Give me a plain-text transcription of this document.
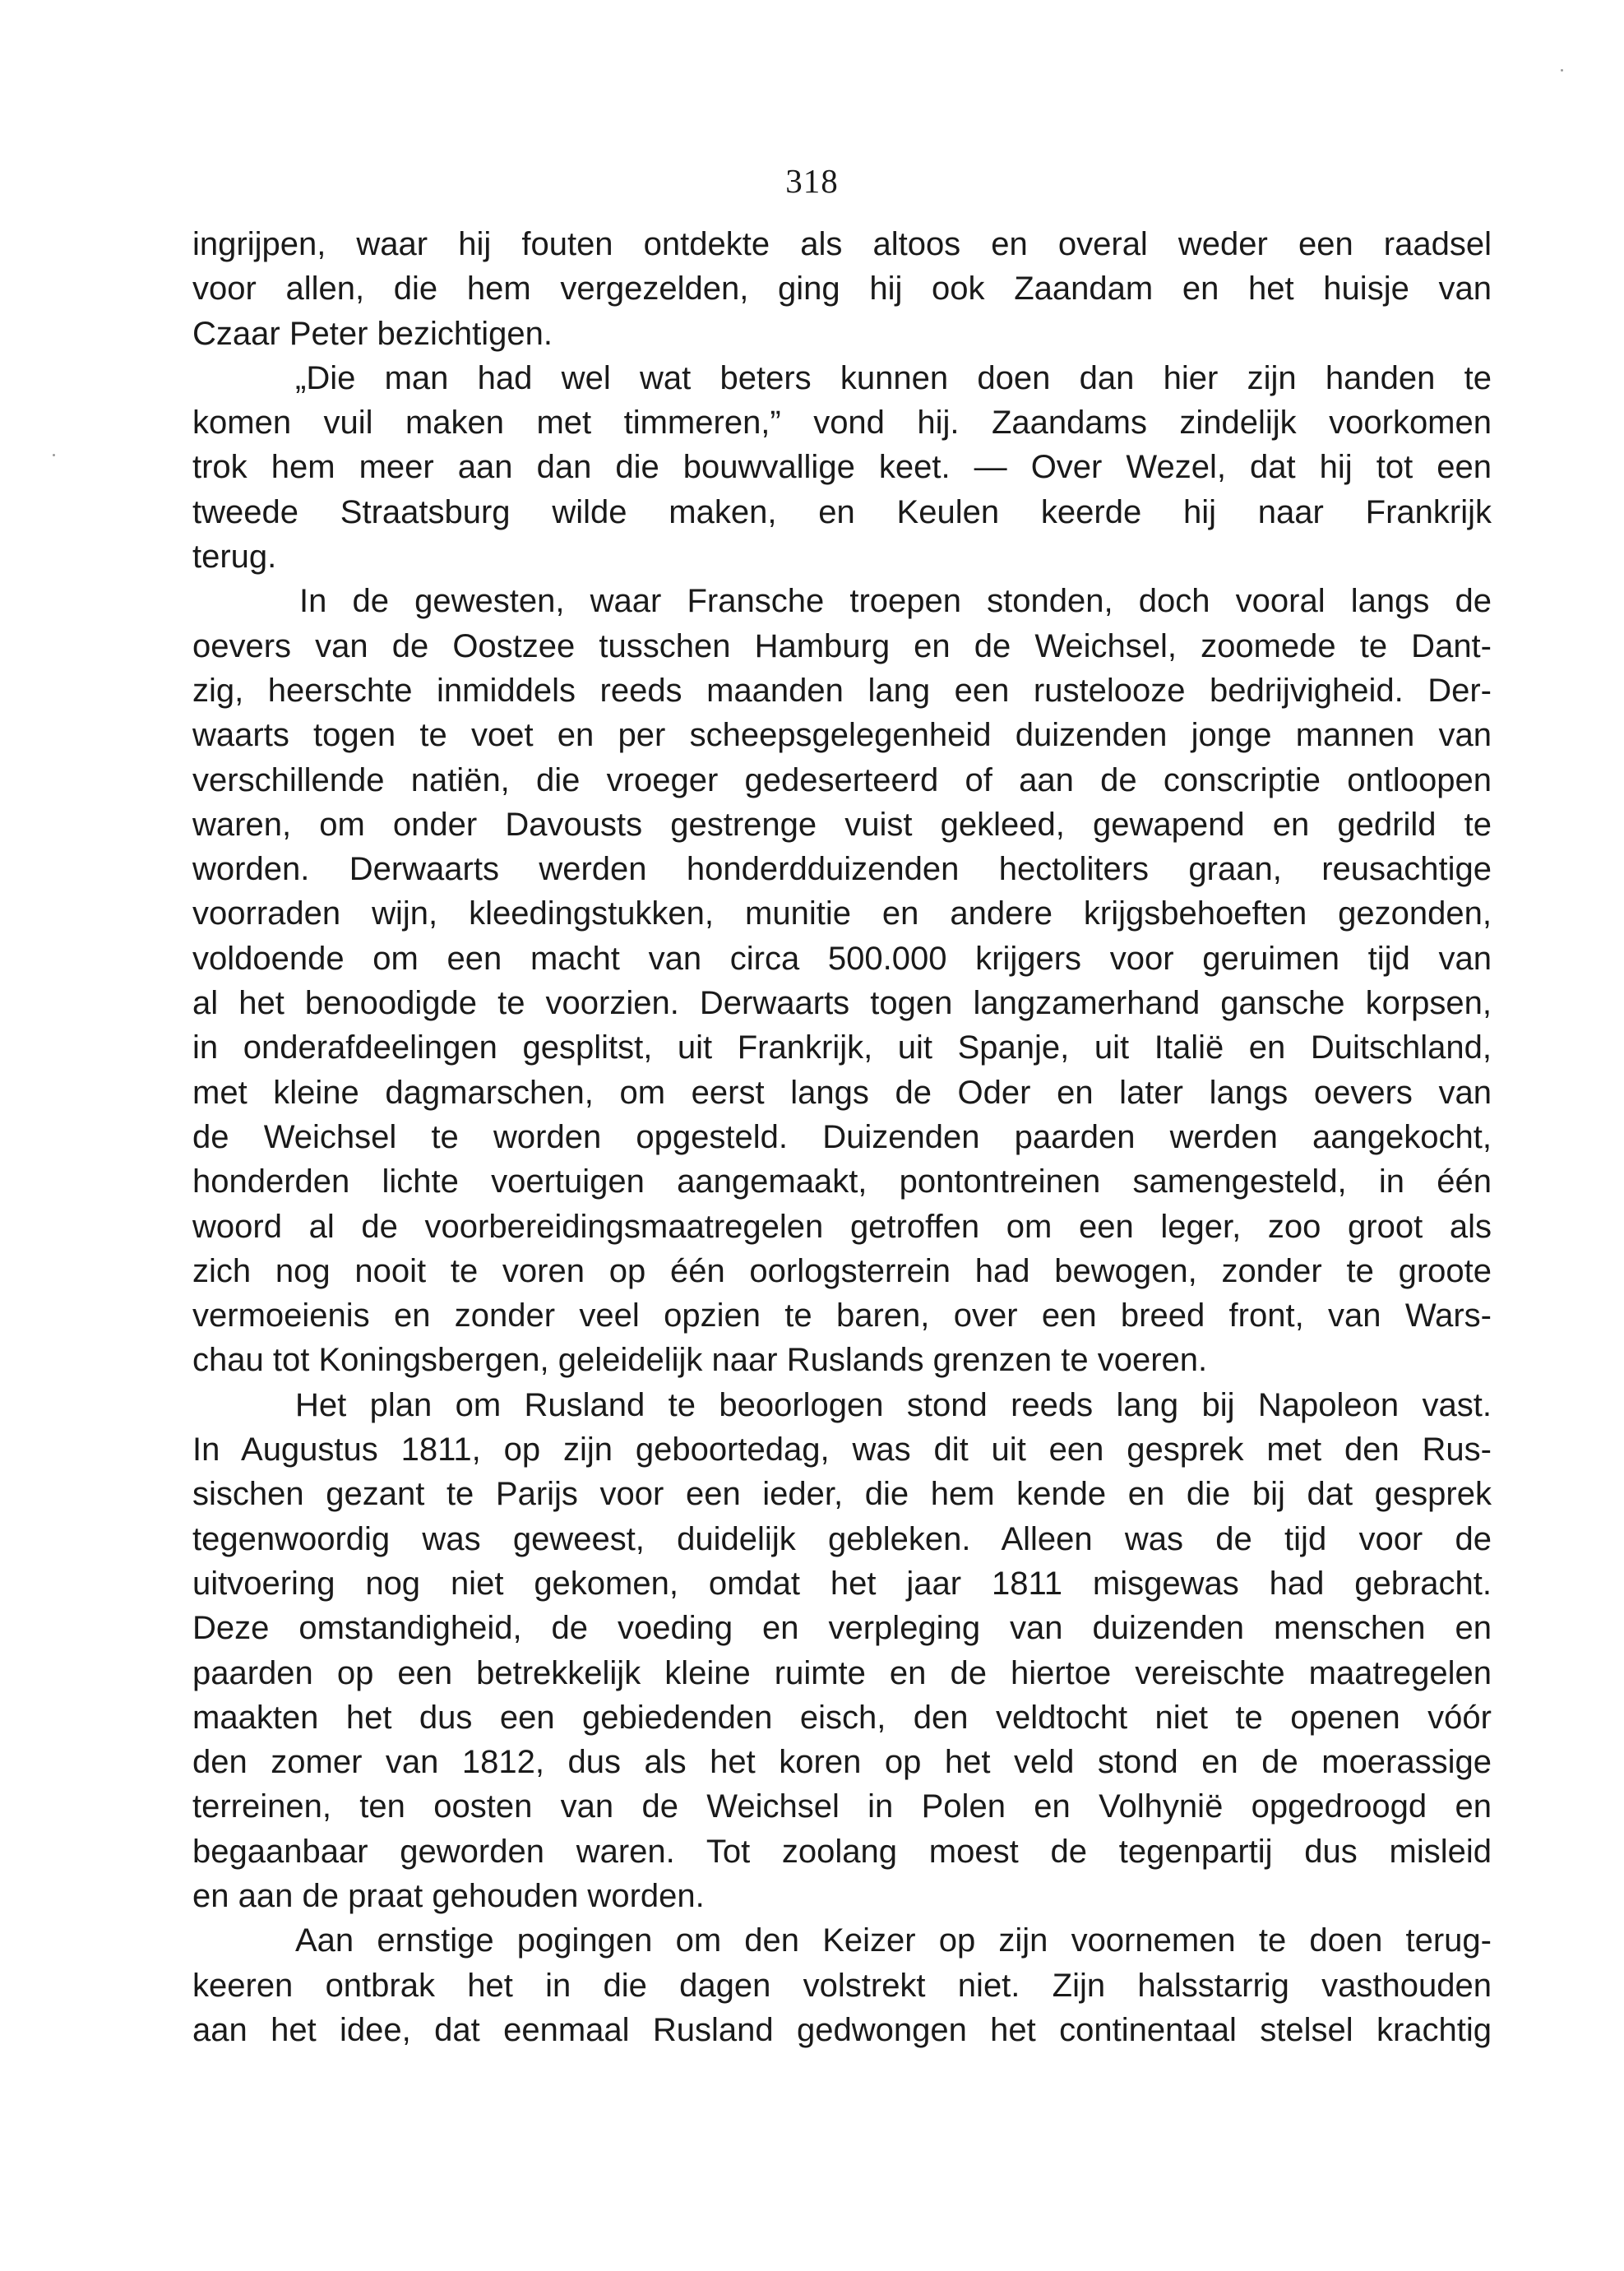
318
ingrijpen, waar hij fouten ontdekte als altoos en overal weder een raadsel
voor allen, die hem vergezelden, ging hij ook Zaandam en het huisje van
Czaar Peter bezichtigen.
„Die man had wel wat beters kunnen doen dan hier zijn handen te
komen vuil maken met timmeren,” vond hij. Zaandams zindelijk voorkomen
trok hem meer aan dan die bouwvallige keet. — Over Wezel, dat hij tot een
tweede Straatsburg wilde maken, en Keulen keerde hij naar Frankrijk
terug.
In de gewesten, waar Fransche troepen stonden, doch vooral langs de
oevers van de Oostzee tusschen Hamburg en de Weichsel, zoomede te Dant-
zig, heerschte inmiddels reeds maanden lang een rustelooze bedrijvigheid. Der-
waarts togen te voet en per scheepsgelegenheid duizenden jonge mannen van
verschillende natiën, die vroeger gedeserteerd of aan de conscriptie ontloopen
waren, om onder Davousts gestrenge vuist gekleed, gewapend en gedrild te
worden. Derwaarts werden honderdduizenden hectoliters graan, reusachtige
voorraden wijn, kleedingstukken, munitie en andere krijgsbehoeften gezonden,
voldoende om een macht van circa 500.000 krijgers voor geruimen tijd van
al het benoodigde te voorzien. Derwaarts togen langzamerhand gansche korpsen,
in onderafdeelingen gesplitst, uit Frankrijk, uit Spanje, uit Italië en Duitschland,
met kleine dagmarschen, om eerst langs de Oder en later langs oevers van
de Weichsel te worden opgesteld. Duizenden paarden werden aangekocht,
honderden lichte voertuigen aangemaakt, pontontreinen samengesteld, in één
woord al de voorbereidingsmaatregelen getroffen om een leger, zoo groot als
zich nog nooit te voren op één oorlogsterrein had bewogen, zonder te groote
vermoeienis en zonder veel opzien te baren, over een breed front, van Wars-
chau tot Koningsbergen, geleidelijk naar Ruslands grenzen te voeren.
Het plan om Rusland te beoorlogen stond reeds lang bij Napoleon vast.
In Augustus 1811, op zijn geboortedag, was dit uit een gesprek met den Rus-
sischen gezant te Parijs voor een ieder, die hem kende en die bij dat gesprek
tegenwoordig was geweest, duidelijk gebleken. Alleen was de tijd voor de
uitvoering nog niet gekomen, omdat het jaar 1811 misgewas had gebracht.
Deze omstandigheid, de voeding en verpleging van duizenden menschen en
paarden op een betrekkelijk kleine ruimte en de hiertoe vereischte maatregelen
maakten het dus een gebiedenden eisch, den veldtocht niet te openen vóór
den zomer van 1812, dus als het koren op het veld stond en de moerassige
terreinen, ten oosten van de Weichsel in Polen en Volhynië opgedroogd en
begaanbaar geworden waren. Tot zoolang moest de tegenpartij dus misleid
en aan de praat gehouden worden.
Aan ernstige pogingen om den Keizer op zijn voornemen te doen terug-
keeren ontbrak het in die dagen volstrekt niet. Zijn halsstarrig vasthouden
aan het idee, dat eenmaal Rusland gedwongen het continentaal stelsel krachtig
